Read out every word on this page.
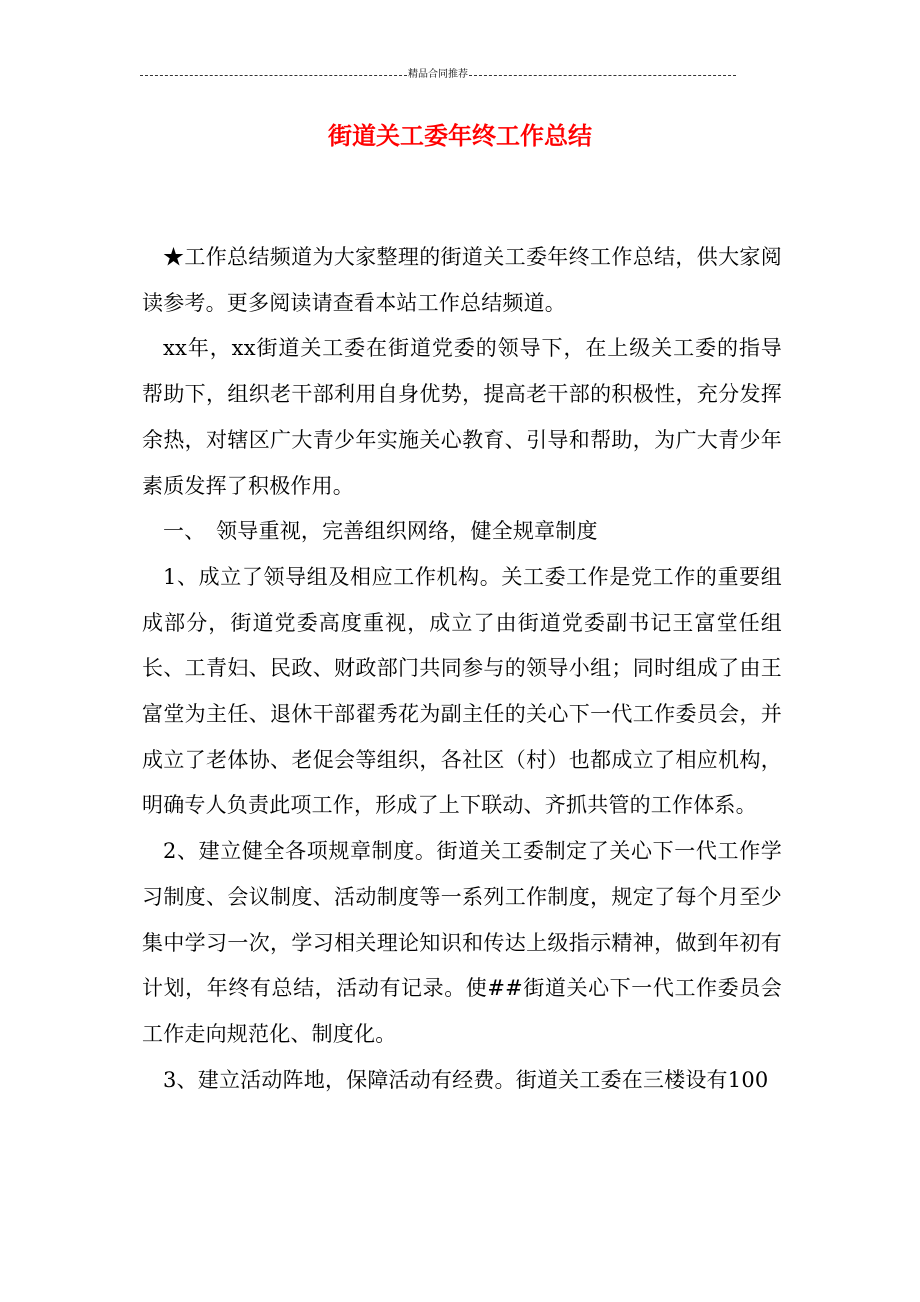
精品合同推荐
街道关工委年终工作总结

★工作总结频道为大家整理的街道关工委年终工作总结，供大家阅读参考。更多阅读请查看本站工作总结频道。

xx年，xx街道关工委在街道党委的领导下，在上级关工委的指导帮助下，组织老干部利用自身优势，提高老干部的积极性，充分发挥余热，对辖区广大青少年实施关心教育、引导和帮助，为广大青少年素质发挥了积极作用。

一、　领导重视，完善组织网络，健全规章制度

1、成立了领导组及相应工作机构。关工委工作是党工作的重要组成部分，街道党委高度重视，成立了由街道党委副书记王富堂任组长、工青妇、民政、财政部门共同参与的领导小组；同时组成了由王富堂为主任、退休干部翟秀花为副主任的关心下一代工作委员会，并成立了老体协、老促会等组织，各社区（村）也都成立了相应机构，明确专人负责此项工作，形成了上下联动、齐抓共管的工作体系。

2、建立健全各项规章制度。街道关工委制定了关心下一代工作学习制度、会议制度、活动制度等一系列工作制度，规定了每个月至少集中学习一次，学习相关理论知识和传达上级指示精神，做到年初有计划，年终有总结，活动有记录。使##街道关心下一代工作委员会工作走向规范化、制度化。

3、建立活动阵地，保障活动有经费。街道关工委在三楼设有100
